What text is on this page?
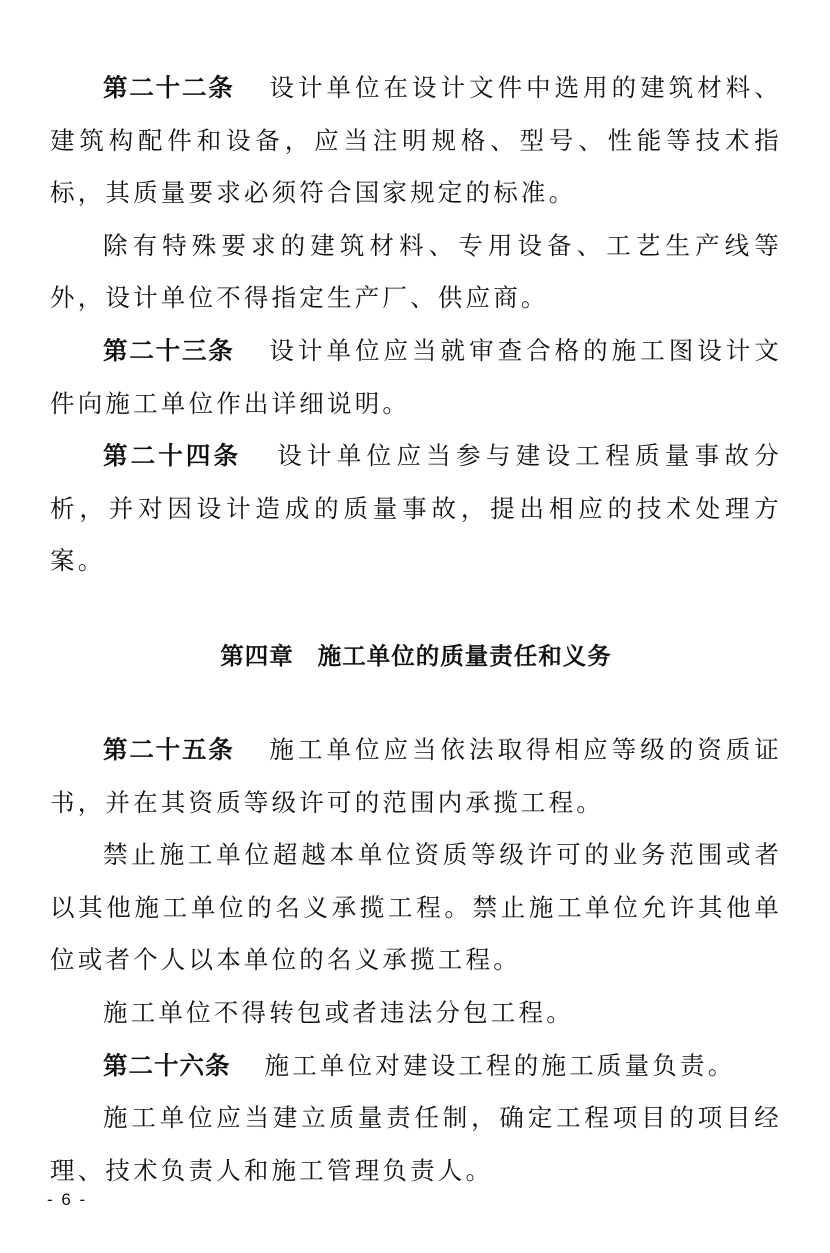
第二十二条 设计单位在设计文件中选用的建筑材料、建筑构配件和设备，应当注明规格、型号、性能等技术指标，其质量要求必须符合国家规定的标准。

除有特殊要求的建筑材料、专用设备、工艺生产线等外，设计单位不得指定生产厂、供应商。

第二十三条 设计单位应当就审查合格的施工图设计文件向施工单位作出详细说明。

第二十四条 设计单位应当参与建设工程质量事故分析，并对因设计造成的质量事故，提出相应的技术处理方案。

第四章 施工单位的质量责任和义务

第二十五条 施工单位应当依法取得相应等级的资质证书，并在其资质等级许可的范围内承揽工程。

禁止施工单位超越本单位资质等级许可的业务范围或者以其他施工单位的名义承揽工程。禁止施工单位允许其他单位或者个人以本单位的名义承揽工程。

施工单位不得转包或者违法分包工程。

第二十六条 施工单位对建设工程的施工质量负责。

施工单位应当建立质量责任制，确定工程项目的项目经理、技术负责人和施工管理负责人。

- 6 -
